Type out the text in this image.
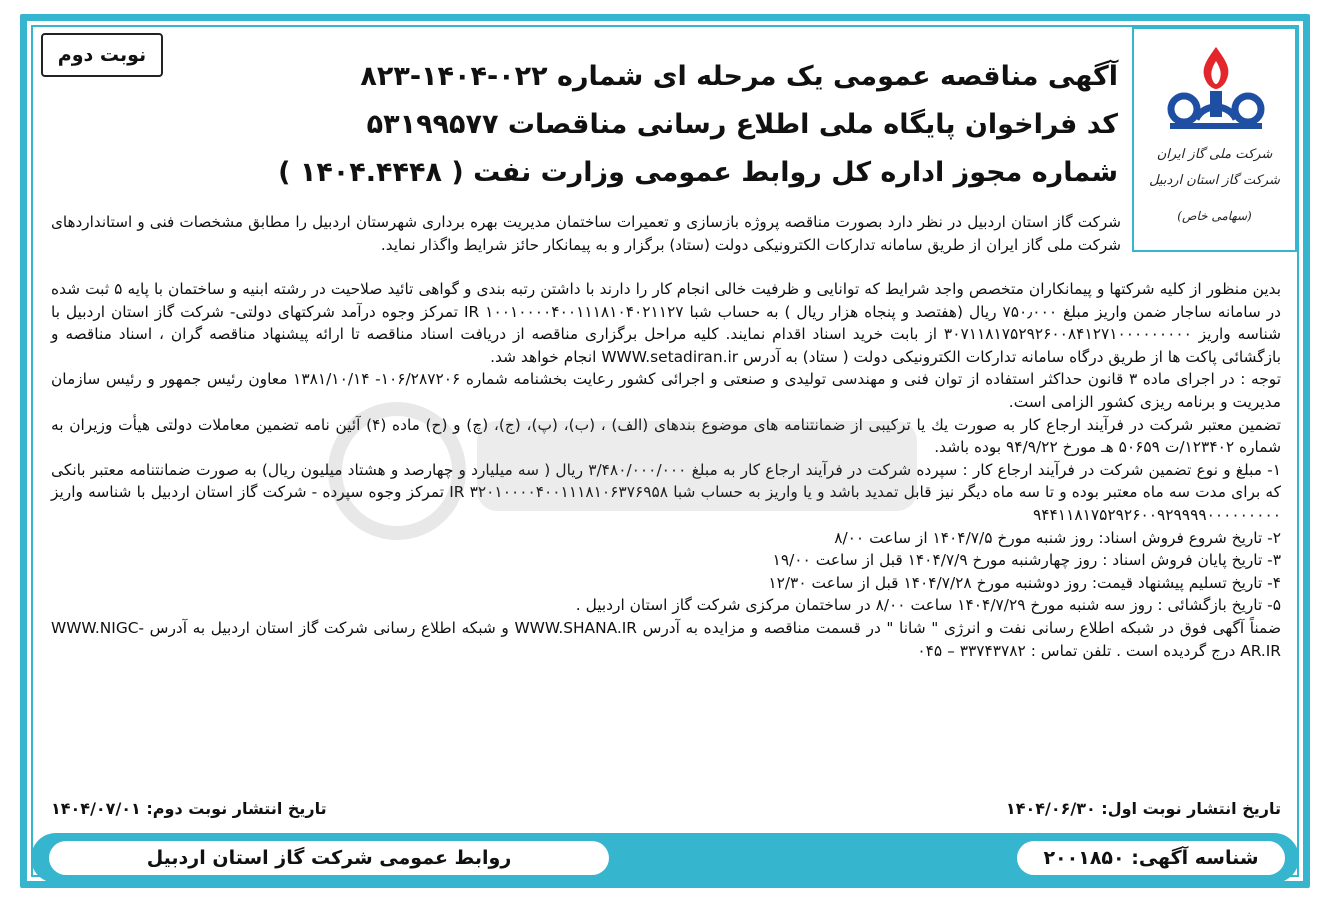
شرکت ملی گاز ایران
شرکت گاز استان اردبیل
(سهامی خاص)
نوبت دوم
آگهی مناقصه عمومی یک مرحله ای شماره ۰۲۲-۱۴۰۴-۸۲۳
کد فراخوان پایگاه ملی اطلاع رسانی مناقصات ۵۳۱۹۹۵۷۷
شماره مجوز اداره کل روابط عمومی وزارت نفت ( ۱۴۰۴.۴۴۴۸ )

شرکت گاز استان اردبیل در نظر دارد بصورت مناقصه پروژه بازسازی و تعمیرات ساختمان مدیریت بهره برداری شهرستان اردبیل را مطابق مشخصات فنی و استانداردهای شرکت ملی گاز ایران از طریق سامانه تدارکات الکترونیکی دولت (ستاد) برگزار و به پیمانکار حائز شرایط واگذار نماید.

بدین منظور از کلیه شرکتها و پیمانکاران متخصص واجد شرایط که توانایی و ظرفیت خالی انجام کار را دارند با داشتن رتبه بندی و گواهی تائید صلاحیت در رشته ابنیه و ساختمان با پایه ۵ ثبت شده در سامانه ساجار ضمن واریز مبلغ ۷۵۰٫۰۰۰ ریال (هفتصد و پنجاه هزار ریال ) به حساب شبا IR ۱۰۰۱۰۰۰۰۴۰۰۱۱۱۸۱۰۴۰۲۱۱۲۷ تمرکز وجوه درآمد شرکتهای دولتی- شرکت گاز استان اردبیل با شناسه واریز ۳۰۷۱۱۸۱۷۵۲۹۲۶۰۰۸۴۱۲۷۱۰۰۰۰۰۰۰۰۰ از بابت خرید اسناد اقدام نمایند. کلیه مراحل برگزاری مناقصه از دریافت اسناد مناقصه تا ارائه پیشنهاد مناقصه گران ، اسناد مناقصه و بازگشائی پاکت ها از طریق درگاه سامانه تدارکات الکترونیکی دولت ( ستاد) به آدرس WWW.setadiran.ir انجام خواهد شد.

توجه : در اجرای ماده ۳ قانون حداکثر استفاده از توان فنی و مهندسی تولیدی و صنعتی و اجرائی کشور رعایت بخشنامه شماره ۱۰۶/۲۸۷۲۰۶- ۱۳۸۱/۱۰/۱۴ معاون رئیس جمهور و رئیس سازمان مدیریت و برنامه ریزی کشور الزامی است.

تضمین معتبر شرکت در فرآیند ارجاع کار به صورت یك یا ترکیبی از ضمانتنامه های موضوع بندهای (الف) ، (ب)، (پ)، (ج)، (چ) و (ح) ماده (۴) آئین نامه تضمین معاملات دولتی هیأت وزیران به شماره ۱۲۳۴۰۲/ت ۵۰۶۵۹ هـ مورخ ۹۴/۹/۲۲ بوده باشد.

۱- مبلغ و نوع تضمین شرکت در فرآیند ارجاع کار : سپرده شرکت در فرآیند ارجاع کار به مبلغ ۳/۴۸۰/۰۰۰/۰۰۰ ریال ( سه میلیارد و چهارصد و هشتاد میلیون ریال) به صورت ضمانتنامه معتبر بانکی که برای مدت سه ماه معتبر بوده و تا سه ماه دیگر نیز قابل تمدید باشد و یا واریز به حساب شبا IR ۳۲۰۱۰۰۰۰۴۰۰۱۱۱۸۱۰۶۳۷۶۹۵۸ تمرکز وجوه سپرده - شرکت گاز استان اردبیل با شناسه واریز ۹۴۴۱۱۸۱۷۵۲۹۲۶۰۰۹۲۹۹۹۹۰۰۰۰۰۰۰۰۰

۲- تاریخ شروع فروش اسناد: روز شنبه مورخ ۱۴۰۴/۷/۵ از ساعت ۸/۰۰

۳- تاریخ پایان فروش اسناد : روز چهارشنبه مورخ ۱۴۰۴/۷/۹ قبل از ساعت ۱۹/۰۰

۴- تاریخ تسلیم پیشنهاد قیمت: روز دوشنبه مورخ ۱۴۰۴/۷/۲۸ قبل از ساعت ۱۲/۳۰

۵- تاریخ بازگشائی : روز سه شنبه مورخ ۱۴۰۴/۷/۲۹ ساعت ۸/۰۰ در ساختمان مرکزی شرکت گاز استان اردبیل .

ضمناً آگهی فوق در شبکه اطلاع رسانی نفت و انرژی " شانا " در قسمت مناقصه و مزایده به آدرس WWW.SHANA.IR و شبکه اطلاع رسانی شرکت گاز استان اردبیل به آدرس WWW.NIGC-AR.IR درج گردیده است . تلفن تماس : ۳۳۷۴۳۷۸۲ – ۰۴۵

تاریخ انتشار نوبت اول: ۱۴۰۴/۰۶/۳۰
تاریخ انتشار نوبت دوم: ۱۴۰۴/۰۷/۰۱
روابط عمومی شرکت گاز استان اردبیل	شناسه آگهی: ۲۰۰۱۸۵۰
